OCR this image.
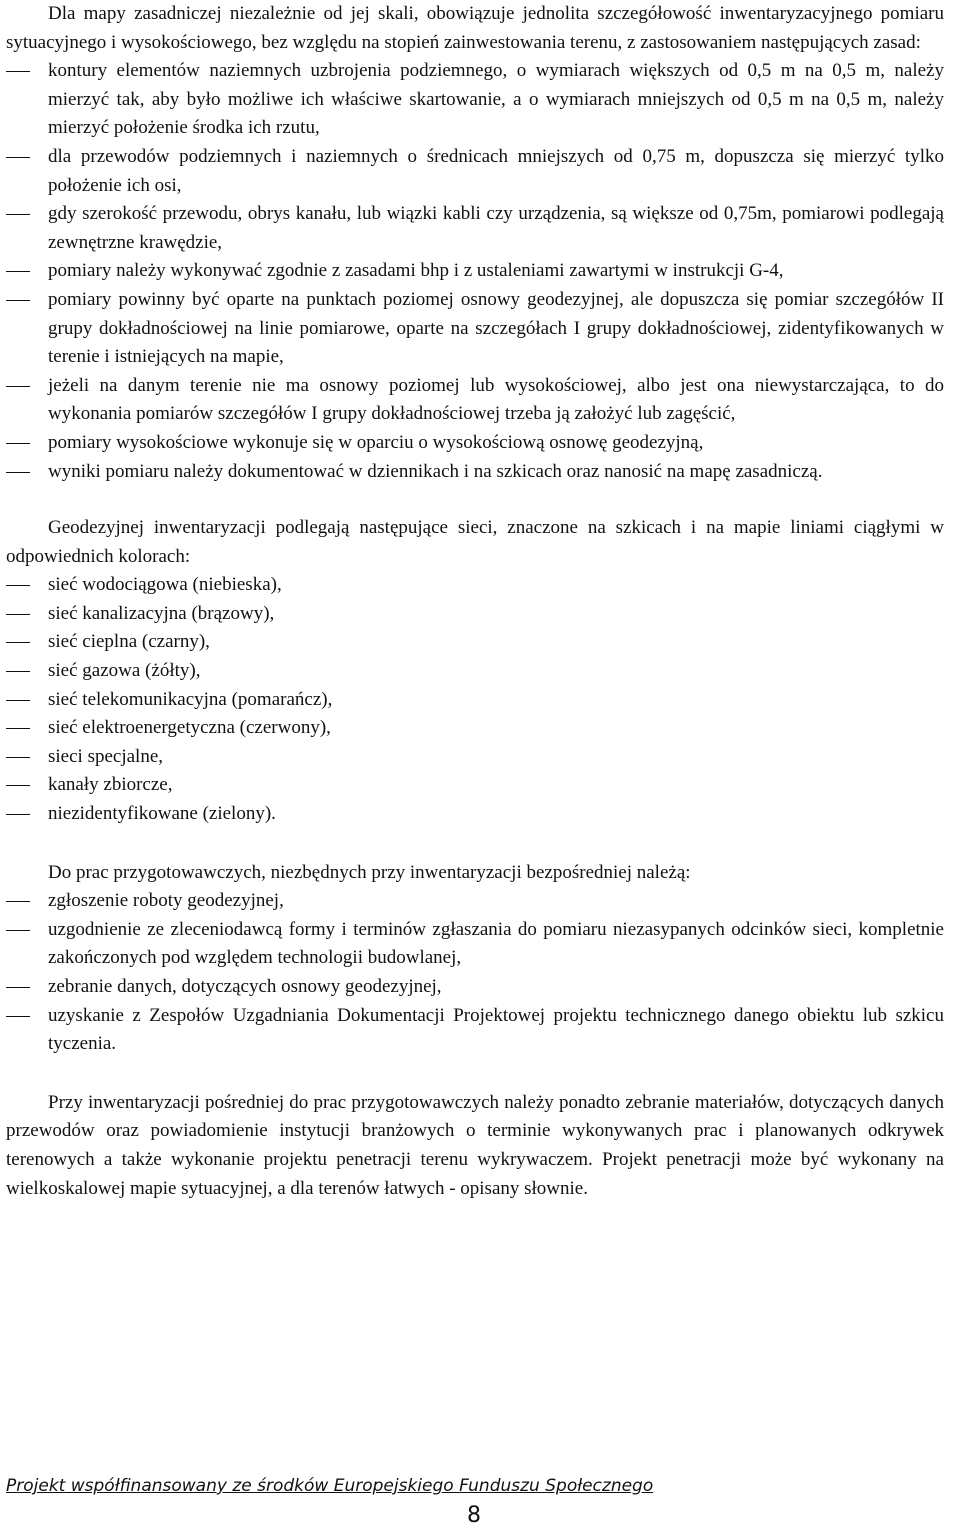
Dla mapy zasadniczej niezależnie od jej skali, obowiązuje jednolita szczegółowość inwentaryzacyjnego pomiaru sytuacyjnego i wysokościowego, bez względu na stopień zainwestowania terenu, z zastosowaniem następujących zasad:

kontury elementów naziemnych uzbrojenia podziemnego, o wymiarach większych od 0,5 m na 0,5 m, należy mierzyć tak, aby było możliwe ich właściwe skartowanie, a o wymiarach mniejszych od 0,5 m na 0,5 m, należy mierzyć położenie środka ich rzutu,
dla przewodów podziemnych i naziemnych o średnicach mniejszych od 0,75 m, dopuszcza się mierzyć tylko położenie ich osi,
gdy szerokość przewodu, obrys kanału, lub wiązki kabli czy urządzenia, są większe od 0,75m, pomiarowi podlegają zewnętrzne krawędzie,
pomiary należy wykonywać zgodnie z zasadami bhp i z ustaleniami zawartymi w instrukcji G-4,
pomiary powinny być oparte na punktach poziomej osnowy geodezyjnej, ale dopuszcza się pomiar szczegółów II grupy dokładnościowej na linie pomiarowe, oparte na szczegółach I grupy dokładnościowej, zidentyfikowanych w terenie i istniejących na mapie,
jeżeli na danym terenie nie ma osnowy poziomej lub wysokościowej, albo jest ona niewystarczająca, to do wykonania pomiarów szczegółów I grupy dokładnościowej trzeba ją założyć lub zagęścić,
pomiary wysokościowe wykonuje się w oparciu o wysokościową osnowę geodezyjną,
wyniki pomiaru należy dokumentować w dziennikach i na szkicach oraz nanosić na mapę zasadniczą.

Geodezyjnej inwentaryzacji podlegają następujące sieci, znaczone na szkicach i na mapie liniami ciągłymi w odpowiednich kolorach:

sieć wodociągowa (niebieska),
sieć kanalizacyjna (brązowy),
sieć cieplna (czarny),
sieć gazowa (żółty),
sieć telekomunikacyjna (pomarańcz),
sieć elektroenergetyczna (czerwony),
sieci specjalne,
kanały zbiorcze,
niezidentyfikowane (zielony).

Do prac przygotowawczych, niezbędnych przy inwentaryzacji bezpośredniej należą:

zgłoszenie roboty geodezyjnej,
uzgodnienie ze zleceniodawcą formy i terminów zgłaszania do pomiaru niezasypanych odcinków sieci, kompletnie zakończonych pod względem technologii budowlanej,
zebranie danych, dotyczących osnowy geodezyjnej,
uzyskanie z Zespołów Uzgadniania Dokumentacji Projektowej projektu technicznego danego obiektu lub szkicu tyczenia.

Przy inwentaryzacji pośredniej do prac przygotowawczych należy ponadto zebranie materiałów, dotyczących danych przewodów oraz powiadomienie instytucji branżowych o terminie wykonywanych prac i planowanych odkrywek terenowych a także wykonanie projektu penetracji terenu wykrywaczem. Projekt penetracji może być wykonany na wielkoskalowej mapie sytuacyjnej, a dla terenów łatwych - opisany słownie.

Projekt współfinansowany ze środków Europejskiego Funduszu Społecznego
8
